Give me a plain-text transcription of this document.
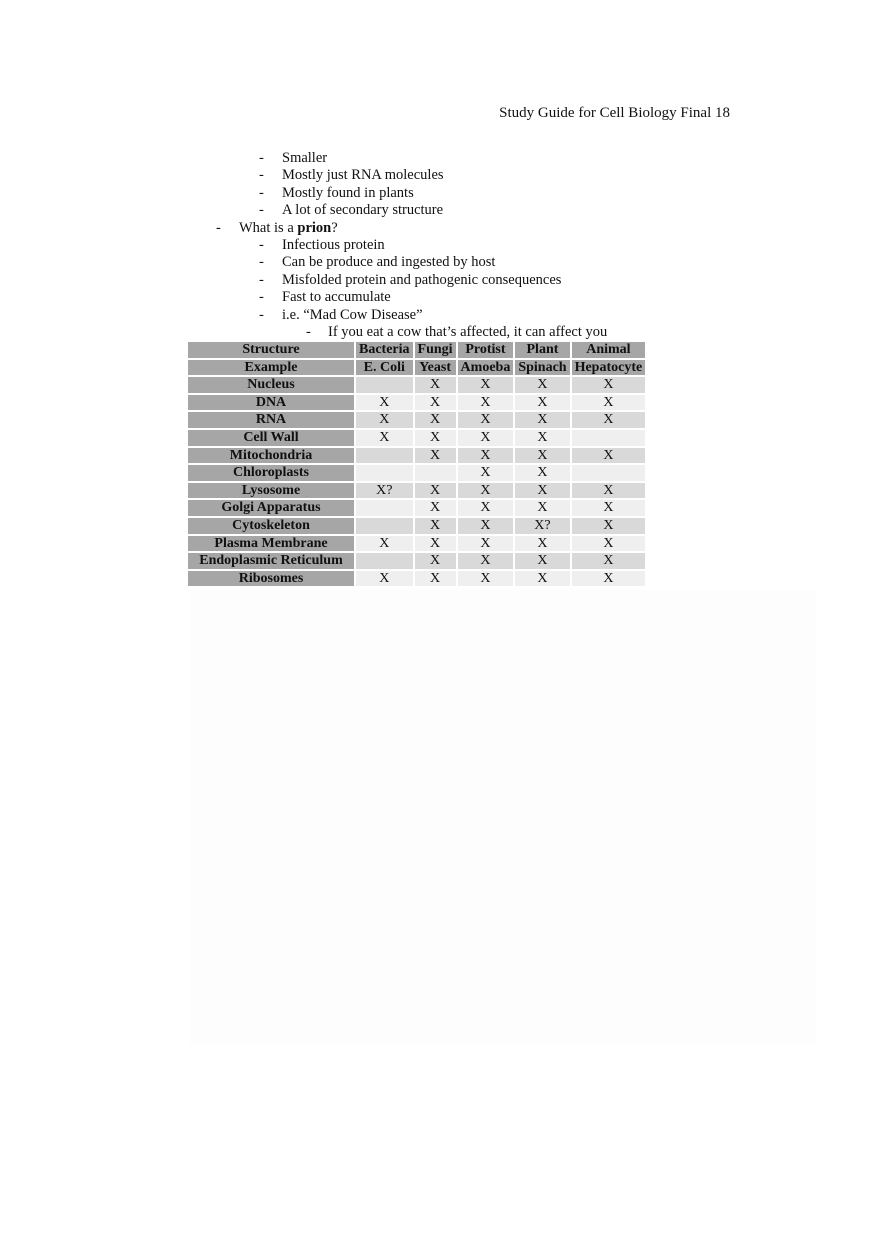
Study Guide for Cell Biology Final 18
- Smaller
- Mostly just RNA molecules
- Mostly found in plants
- A lot of secondary structure
- What is a prion?
- Infectious protein
- Can be produce and ingested by host
- Misfolded protein and pathogenic consequences
- Fast to accumulate
- i.e. “Mad Cow Disease”
- If you eat a cow that’s affected, it can affect you
Structure	Bacteria	Fungi	Protist	Plant	Animal
Example	E. Coli	Yeast	Amoeba	Spinach	Hepatocyte
Nucleus		X	X	X	X
DNA	X	X	X	X	X
RNA	X	X	X	X	X
Cell Wall	X	X	X	X	
Mitochondria		X	X	X	X
Chloroplasts			X	X	
Lysosome	X?	X	X	X	X
Golgi Apparatus		X	X	X	X
Cytoskeleton		X	X	X?	X
Plasma Membrane	X	X	X	X	X
Endoplasmic Reticulum		X	X	X	X
Ribosomes	X	X	X	X	X
